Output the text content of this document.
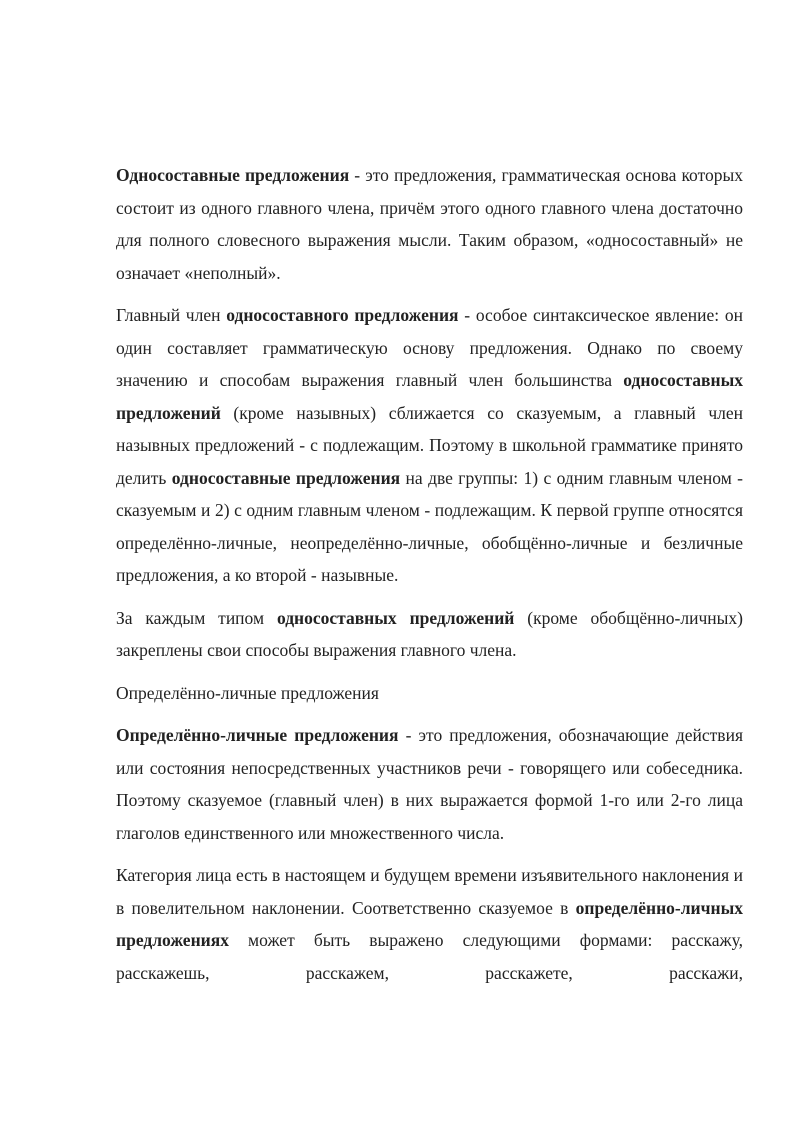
Односоставные предложения - это предложения, грамматическая основа которых состоит из одного главного члена, причём этого одного главного члена достаточно для полного словесного выражения мысли. Таким образом, «односоставный» не означает «неполный».

Главный член односоставного предложения - особое синтаксическое явление: он один составляет грамматическую основу предложения. Однако по своему значению и способам выражения главный член большинства односоставных предложений (кроме назывных) сближается со сказуемым, а главный член назывных предложений - с подлежащим. Поэтому в школьной грамматике принято делить односоставные предложения на две группы: 1) с одним главным членом - сказуемым и 2) с одним главным членом - подлежащим. К первой группе относятся определённо-личные, неопределённо-личные, обобщённо-личные и безличные предложения, а ко второй - назывные.

За каждым типом односоставных предложений (кроме обобщённо-личных) закреплены свои способы выражения главного члена.

Определённо-личные предложения

Определённо-личные предложения - это предложения, обозначающие действия или состояния непосредственных участников речи - говорящего или собеседника. Поэтому сказуемое (главный член) в них выражается формой 1-го или 2-го лица глаголов единственного или множественного числа.

Категория лица есть в настоящем и будущем времени изъявительного наклонения и в повелительном наклонении. Соответственно сказуемое в определённо-личных предложениях может быть выражено следующими формами: расскажу, расскажешь, расскажем, расскажете, расскажи,
